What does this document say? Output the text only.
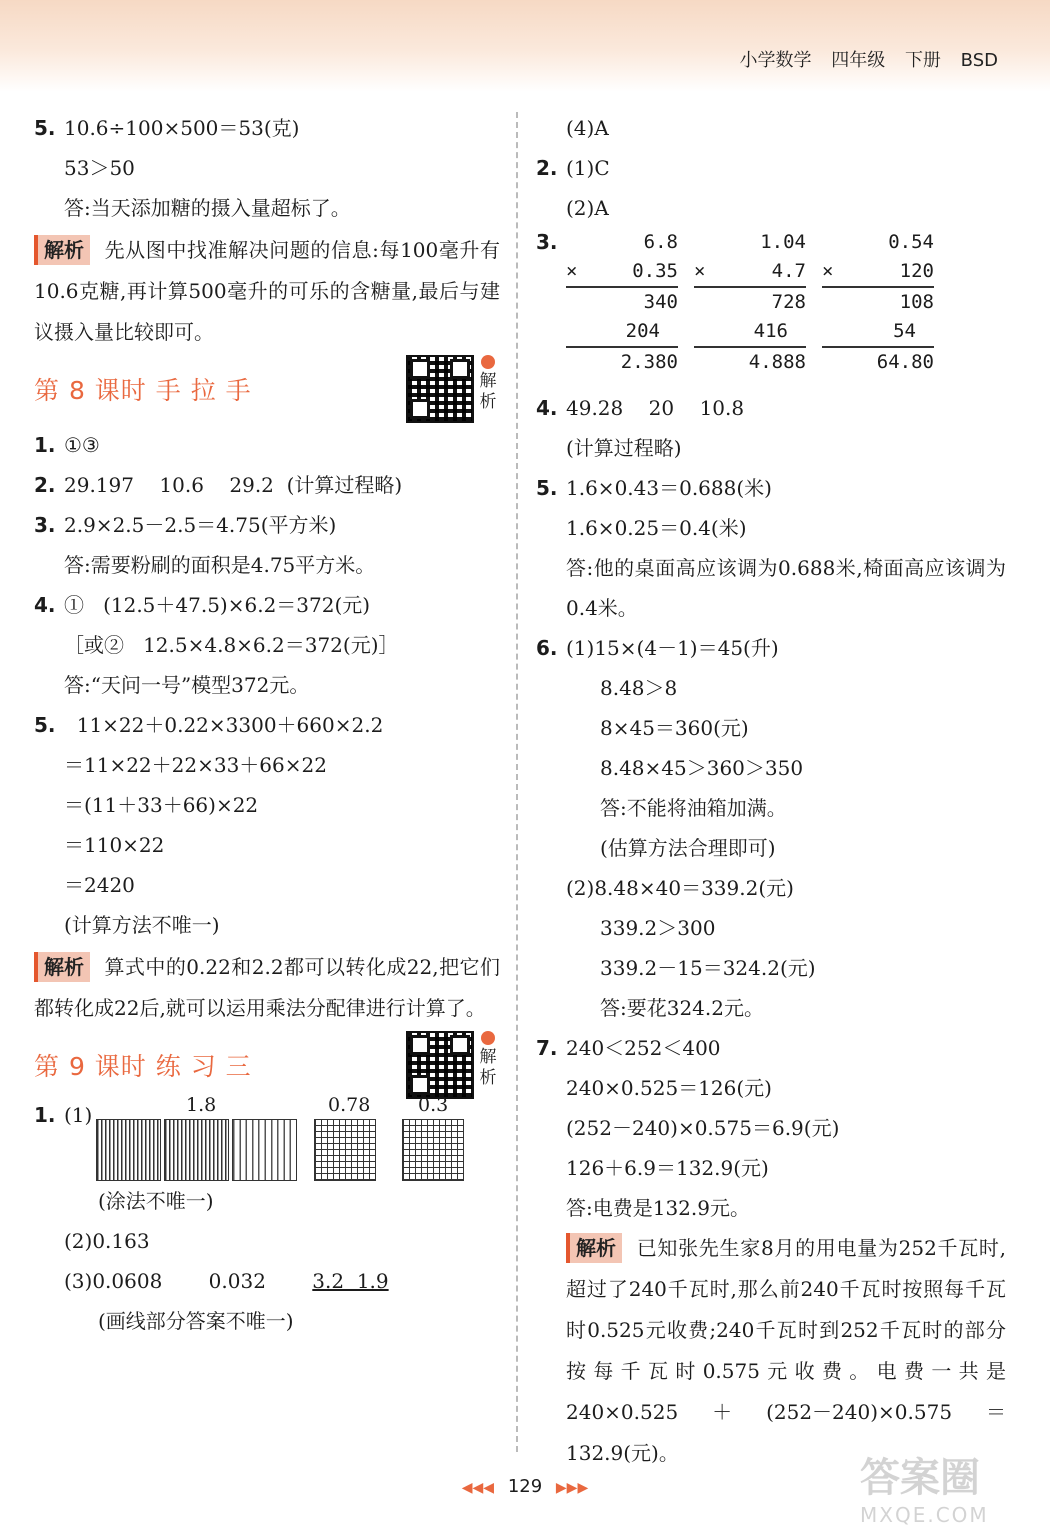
小学数学 四年级 下册 BSD
5. 10.6÷100×500＝53(克)
53＞50
答:当天添加糖的摄入量超标了。
解析 先从图中找准解决问题的信息:每100毫升有10.6克糖,再计算500毫升的可乐的含糖量,最后与建议摄入量比较即可。
第 8 课时 手 拉 手	解析
1. ①③
2. 29.197    10.6    29.2  (计算过程略)
3. 2.9×2.5－2.5＝4.75(平方米)
答:需要粉刷的面积是4.75平方米。
4. ①   (12.5＋47.5)×6.2＝372(元)
［或②   12.5×4.8×6.2＝372(元)］
答:“天问一号”模型372元。
5.  11×22＋0.22×3300＋660×2.2
＝11×22＋22×33＋66×22
＝(11＋33＋66)×22
＝110×22
＝2420
(计算方法不唯一)
解析 算式中的0.22和2.2都可以转化成22,把它们都转化成22后,就可以运用乘法分配律进行计算了。
第 9 课时 练 习 三	解析
1. (1)	1.8	0.78	0.3
(涂法不唯一)
(2)0.163
(3)0.0608 0.032 3.2  1.9
(画线部分答案不唯一)
(4)A
2. (1)C
(2)A
3.	6.8
×	0.35
340
204
2.380
1.04
×	4.7
728
416
4.888
0.54
×	120
108
54
64.80
4. 49.28    20    10.8
(计算过程略)
5. 1.6×0.43＝0.688(米)
1.6×0.25＝0.4(米)
答:他的桌面高应该调为0.688米,椅面高应该调为0.4米。
6. (1)15×(4－1)＝45(升)
8.48＞8
8×45＝360(元)
8.48×45＞360＞350
答:不能将油箱加满。
(估算方法合理即可)
(2)8.48×40＝339.2(元)
339.2＞300
339.2－15＝324.2(元)
答:要花324.2元。
7. 240＜252＜400
240×0.525＝126(元)
(252－240)×0.575＝6.9(元)
126＋6.9＝132.9(元)
答:电费是132.9元。
解析 已知张先生家8月的用电量为252千瓦时,超过了240千瓦时,那么前240千瓦时按照每千瓦时0.525元收费;240千瓦时到252千瓦时的部分按每千瓦时0.575元收费。电费一共是240×0.525＋(252－240)×0.575＝132.9(元)。
◀◀◀ 129 ▶▶▶	答案圈
MXQE.COM
